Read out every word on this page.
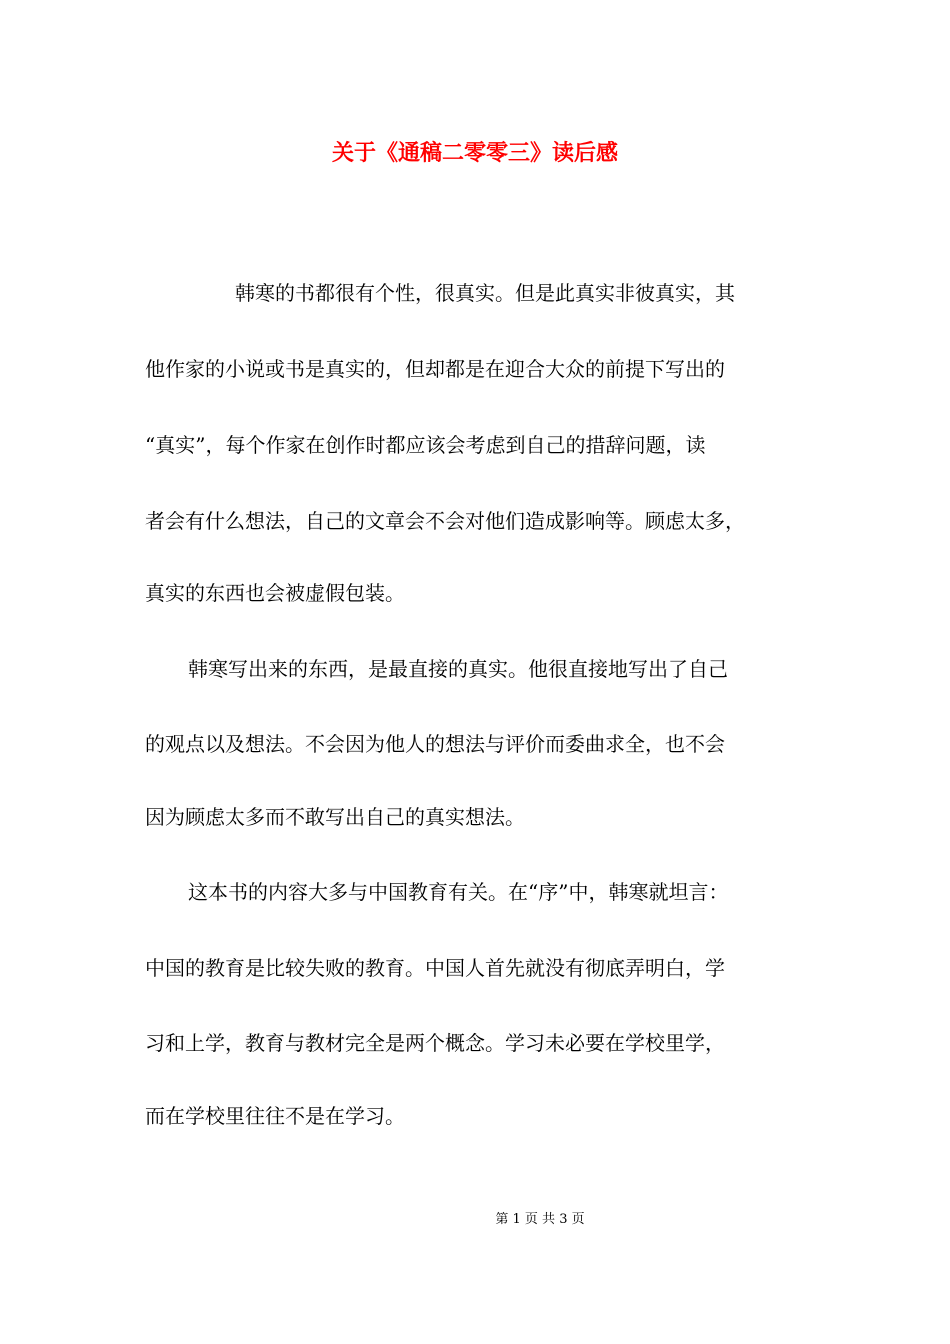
关于《通稿二零零三》读后感
韩寒的书都很有个性，很真实。但是此真实非彼真实，其
他作家的小说或书是真实的，但却都是在迎合大众的前提下写出的
“真实”，每个作家在创作时都应该会考虑到自己的措辞问题，读
者会有什么想法，自己的文章会不会对他们造成影响等。顾虑太多，
真实的东西也会被虚假包装。
韩寒写出来的东西，是最直接的真实。他很直接地写出了自己
的观点以及想法。不会因为他人的想法与评价而委曲求全，也不会
因为顾虑太多而不敢写出自己的真实想法。
这本书的内容大多与中国教育有关。在“序”中，韩寒就坦言：
中国的教育是比较失败的教育。中国人首先就没有彻底弄明白，学
习和上学，教育与教材完全是两个概念。学习未必要在学校里学，
而在学校里往往不是在学习。
第 1 页 共 3 页
